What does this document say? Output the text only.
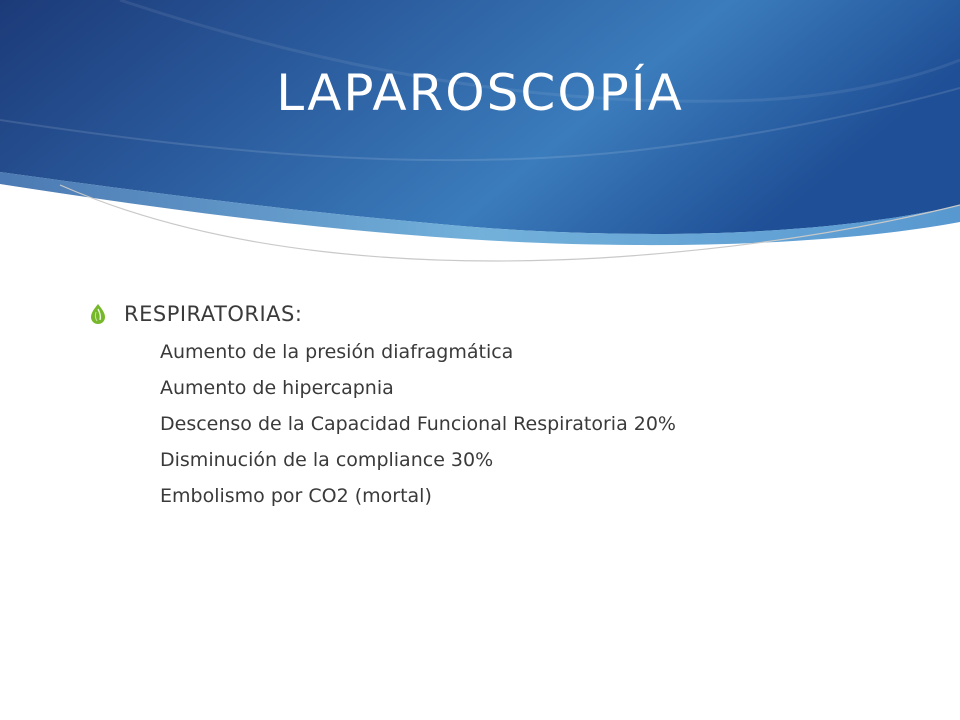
LAPAROSCOPÍA
RESPIRATORIAS:
Aumento de la presión diafragmática
Aumento de hipercapnia
Descenso de la Capacidad Funcional Respiratoria 20%
Disminución de la compliance 30%
Embolismo por CO2 (mortal)
